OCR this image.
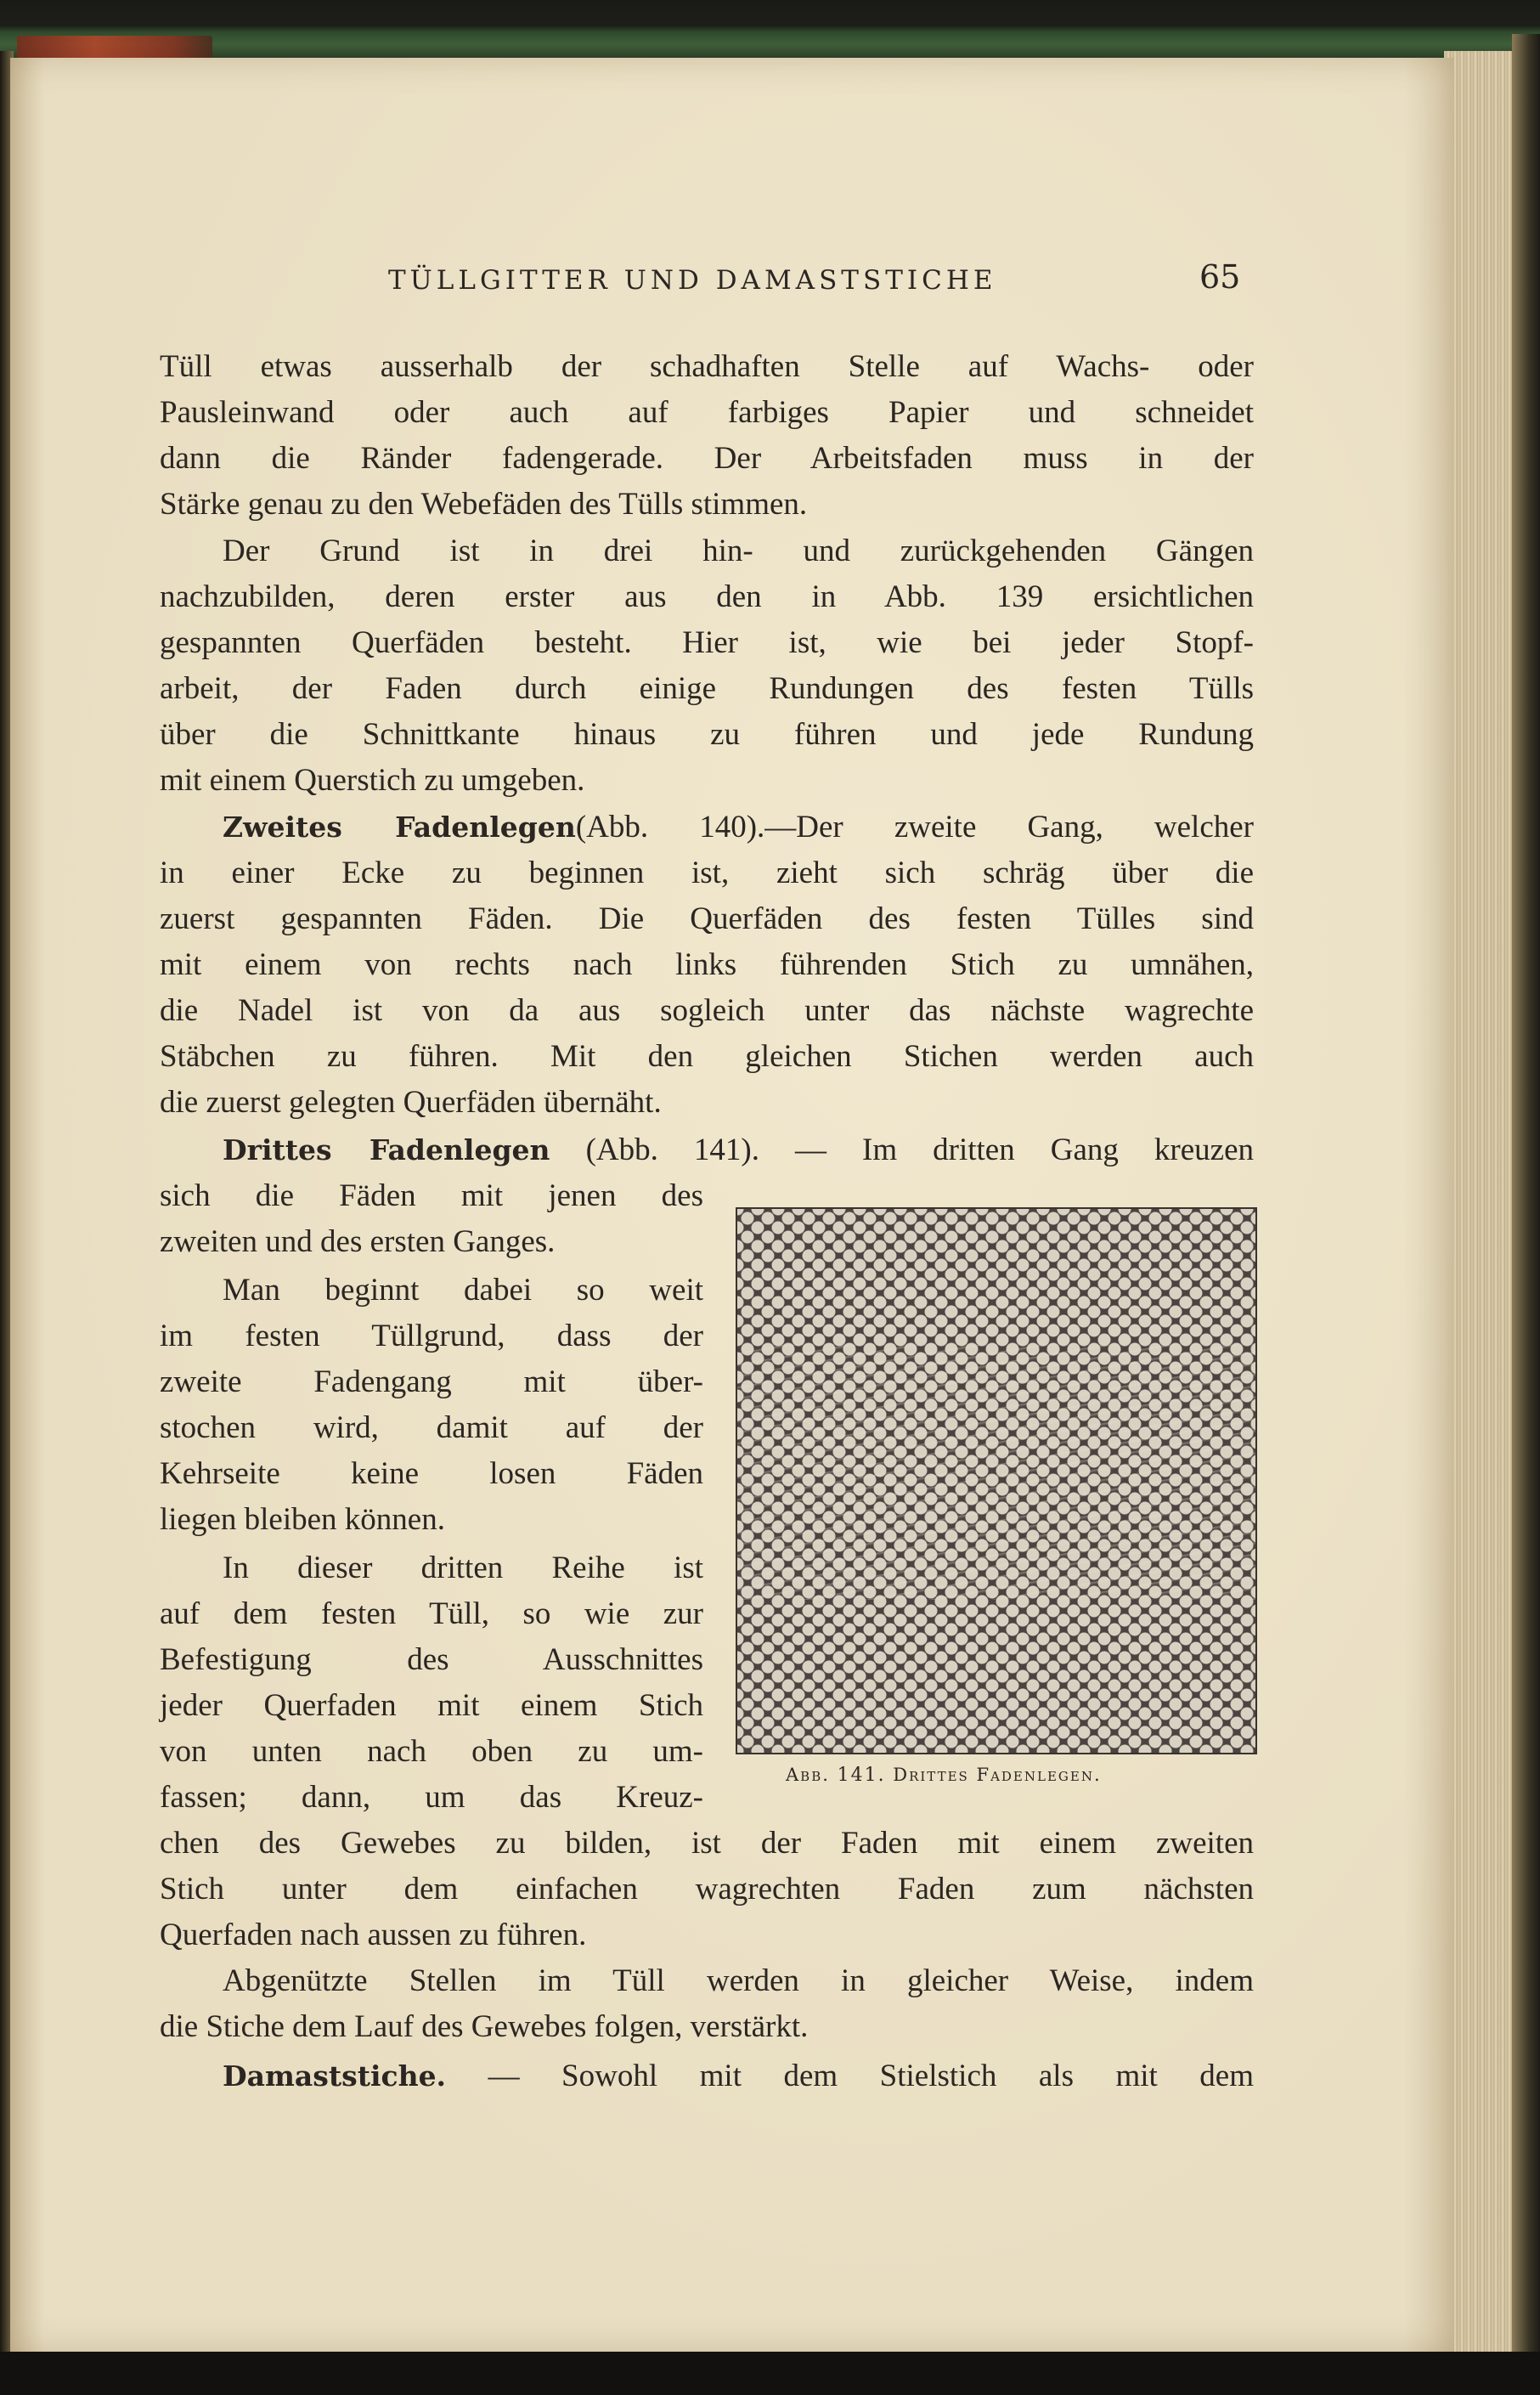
TÜLLGITTER UND DAMASTSTICHE	65
Tüll etwas ausserhalb der schadhaften Stelle auf Wachs- oder
Pausleinwand oder auch auf farbiges Papier und schneidet
dann die Ränder fadengerade. Der Arbeitsfaden muss in der
Stärke genau zu den Webefäden des Tülls stimmen.
Der Grund ist in drei hin- und zurückgehenden Gängen
nachzubilden, deren erster aus den in Abb. 139 ersichtlichen
gespannten Querfäden besteht. Hier ist, wie bei jeder Stopf-
arbeit, der Faden durch einige Rundungen des festen Tülls
über die Schnittkante hinaus zu führen und jede Rundung
mit einem Querstich zu umgeben.
Zweites Fadenlegen(Abb. 140).—Der zweite Gang, welcher
in einer Ecke zu beginnen ist, zieht sich schräg über die
zuerst gespannten Fäden. Die Querfäden des festen Tülles sind
mit einem von rechts nach links führenden Stich zu umnähen,
die Nadel ist von da aus sogleich unter das nächste wagrechte
Stäbchen zu führen. Mit den gleichen Stichen werden auch
die zuerst gelegten Querfäden übernäht.
Drittes Fadenlegen (Abb. 141). — Im dritten Gang kreuzen
sich die Fäden mit jenen des
zweiten und des ersten Ganges.
Man beginnt dabei so weit
im festen Tüllgrund, dass der
zweite Fadengang mit über-
stochen wird, damit auf der
Kehrseite keine losen Fäden
liegen bleiben können.
In dieser dritten Reihe ist
auf dem festen Tüll, so wie zur
Befestigung des Ausschnittes
jeder Querfaden mit einem Stich
von unten nach oben zu um-
fassen; dann, um das Kreuz-
chen des Gewebes zu bilden, ist der Faden mit einem zweiten
Stich unter dem einfachen wagrechten Faden zum nächsten
Querfaden nach aussen zu führen.
Abgenützte Stellen im Tüll werden in gleicher Weise, indem
die Stiche dem Lauf des Gewebes folgen, verstärkt.
Damaststiche. — Sowohl mit dem Stielstich als mit dem
Abb. 141. Drittes Fadenlegen.
